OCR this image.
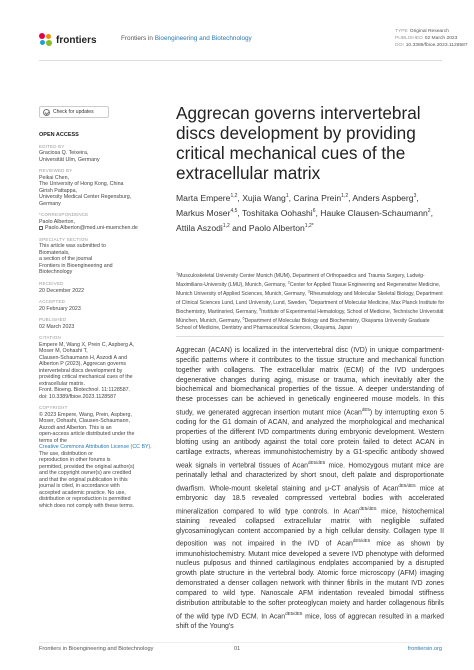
frontiers	Frontiers in Bioengineering and Biotechnology
TYPE Original Research
PUBLISHED 02 March 2023
DOI 10.3389/fbioe.2023.1128587
Check for updates
OPEN ACCESS
EDITED BY
Graciosa Q. Teixeira,
Universität Ulm, Germany
REVIEWED BY
Peikai Chen,
The University of Hong Kong, China
Girish Pattappa,
University Medical Center Regensburg,
Germany
*CORRESPONDENCE
Paolo Alberton,
Paolo.Alberton@med.uni-muenchen.de
SPECIALTY SECTION
This article was submitted to
Biomaterials,
a section of the journal
Frontiers in Bioengineering and
Biotechnology
RECEIVED
20 December 2022
ACCEPTED
20 February 2023
PUBLISHED
02 March 2023
CITATION
Empere M, Wang X, Prein C, Aspberg A,
Moser M, Oohashi T,
Clausen-Schaumann H, Aszodi A and
Alberton P (2023), Aggrecan governs
intervertebral discs development by
providing critical mechanical cues of the
extracellular matrix.
Front. Bioeng. Biotechnol. 11:1128587.
doi: 10.3389/fbioe.2023.1128587
COPYRIGHT
© 2023 Empere, Wang, Prein, Aspberg,
Moser, Oohashi, Clausen-Schaumann,
Aszodi and Alberton. This is an
open-access article distributed under the
terms of the
Creative Commons Attribution License (CC BY).
The use, distribution or
reproduction in other forums is
permitted, provided the original author(s)
and the copyright owner(s) are credited
and that the original publication in this
journal is cited, in accordance with
accepted academic practice. No use,
distribution or reproduction is permitted
which does not comply with these terms.
Aggrecan governs intervertebral discs development by providing critical mechanical cues of the extracellular matrix
Marta Empere$^{1,2}$, Xujia Wang$^1$, Carina Prein$^{1,2}$, Anders Aspberg$^3$, Markus Moser$^{4,5}$, Toshitaka Oohashi$^6$, Hauke Clausen-Schaumann$^2$, Attila Aszodi$^{1,2}$ and Paolo Alberton$^{1,2*}$
$^1$Musculoskeletal University Center Munich (MUM), Department of Orthopaedics and Trauma Surgery, Ludwig-Maximilians-University (LMU), Munich, Germany, $^2$Center for Applied Tissue Engineering and Regenerative Medicine, Munich University of Applied Sciences, Munich, Germany, $^3$Rheumatology and Molecular Skeletal Biology, Department of Clinical Sciences Lund, Lund University, Lund, Sweden, $^4$Department of Molecular Medicine, Max Planck Institute for Biochemistry, Martinsried, Germany, $^5$Institute of Experimental Hematology, School of Medicine, Technische Universität München, Munich, Germany, $^6$Department of Molecular Biology and Biochemistry, Okayama University Graduate School of Medicine, Dentistry and Pharmaceutical Sciences, Okayama, Japan
Aggrecan (ACAN) is localized in the intervertebral disc (IVD) in unique compartment-specific patterns where it contributes to the tissue structure and mechanical function together with collagens. The extracellular matrix (ECM) of the IVD undergoes degenerative changes during aging, misuse or trauma, which inevitably alter the biochemical and biomechanical properties of the tissue. A deeper understanding of these processes can be achieved in genetically engineered mouse models. In this study, we generated aggrecan insertion mutant mice (Acan$^{dE5}$) by interrupting exon 5 coding for the G1 domain of ACAN, and analyzed the morphological and mechanical properties of the different IVD compartments during embryonic development. Western blotting using an antibody against the total core protein failed to detect ACAN in cartilage extracts, whereas immunohistochemistry by a G1-specific antibody showed weak signals in vertebral tissues of Acan$^{dE5/dE5}$ mice. Homozygous mutant mice are perinatally lethal and characterized by short snout, cleft palate and disproportionate dwarfism. Whole-mount skeletal staining and μ-CT analysis of Acan$^{dE5/dE5}$ mice at embryonic day 18.5 revealed compressed vertebral bodies with accelerated mineralization compared to wild type controls. In Acan$^{dE5/dE5}$ mice, histochemical staining revealed collapsed extracellular matrix with negligible sulfated glycosaminoglycan content accompanied by a high cellular density. Collagen type II deposition was not impaired in the IVD of Acan$^{dE5/dE5}$ mice as shown by immunohistochemistry. Mutant mice developed a severe IVD phenotype with deformed nucleus pulposus and thinned cartilaginous endplates accompanied by a disrupted growth plate structure in the vertebral body. Atomic force microscopy (AFM) imaging demonstrated a denser collagen network with thinner fibrils in the mutant IVD zones compared to wild type. Nanoscale AFM indentation revealed bimodal stiffness distribution attributable to the softer proteoglycan moiety and harder collagenous fibrils of the wild type IVD ECM. In Acan$^{dE5/dE5}$ mice, loss of aggrecan resulted in a marked shift of the Young's
Frontiers in Bioengineering and Biotechnology	01	frontiersin.org
